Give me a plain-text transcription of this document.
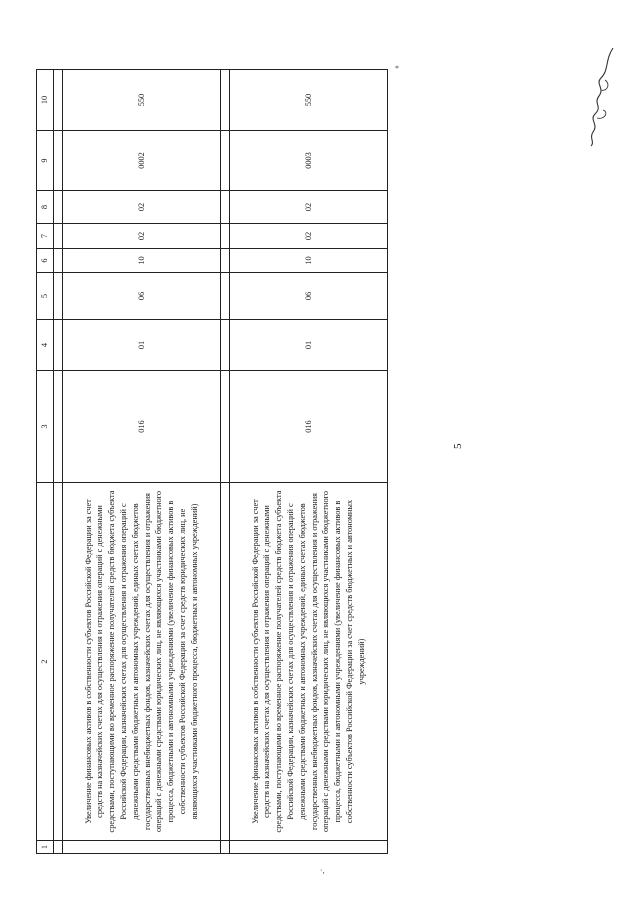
5
*
·,
1	2	3	4	5	6	7	8	9	10

	Увеличение финансовых активов в собственности субъектов Российской Федерации за счет средств на казначейских счетах для осуществления и отражения операций с денежными средствами, поступающими во временное распоряжение получателей средств бюджета субъекта Российской Федерации, казначейских счетах для осуществления и отражения операций с денежными средствами бюджетных и автономных учреждений, единых счетах бюджетов государственных внебюджетных фондов, казначейских счетах для осуществления и отражения операций с денежными средствами юридических лиц, не являющихся участниками бюджетного процесса, бюджетными и автономными учреждениями (увеличение финансовых активов в собственности субъектов Российской Федерации за счет средств юридических лиц, не являющихся участниками бюджетного процесса, бюджетных и автономных учреждений)	016	01	06	10	02	02	0002	550

	Увеличение финансовых активов в собственности субъектов Российской Федерации за счет средств на казначейских счетах для осуществления и отражения операций с денежными средствами, поступающими во временное распоряжение получателей средств бюджета субъекта Российской Федерации, казначейских счетах для осуществления и отражения операций с денежными средствами бюджетных и автономных учреждений, единых счетах бюджетов государственных внебюджетных фондов, казначейских счетах для осуществления и отражения операций с денежными средствами юридических лиц, не являющихся участниками бюджетного процесса, бюджетными и автономными учреждениями (увеличение финансовых активов в собственности субъектов Российской Федерации за счет средств бюджетных и автономных учреждений)	016	01	06	10	02	02	0003	550
